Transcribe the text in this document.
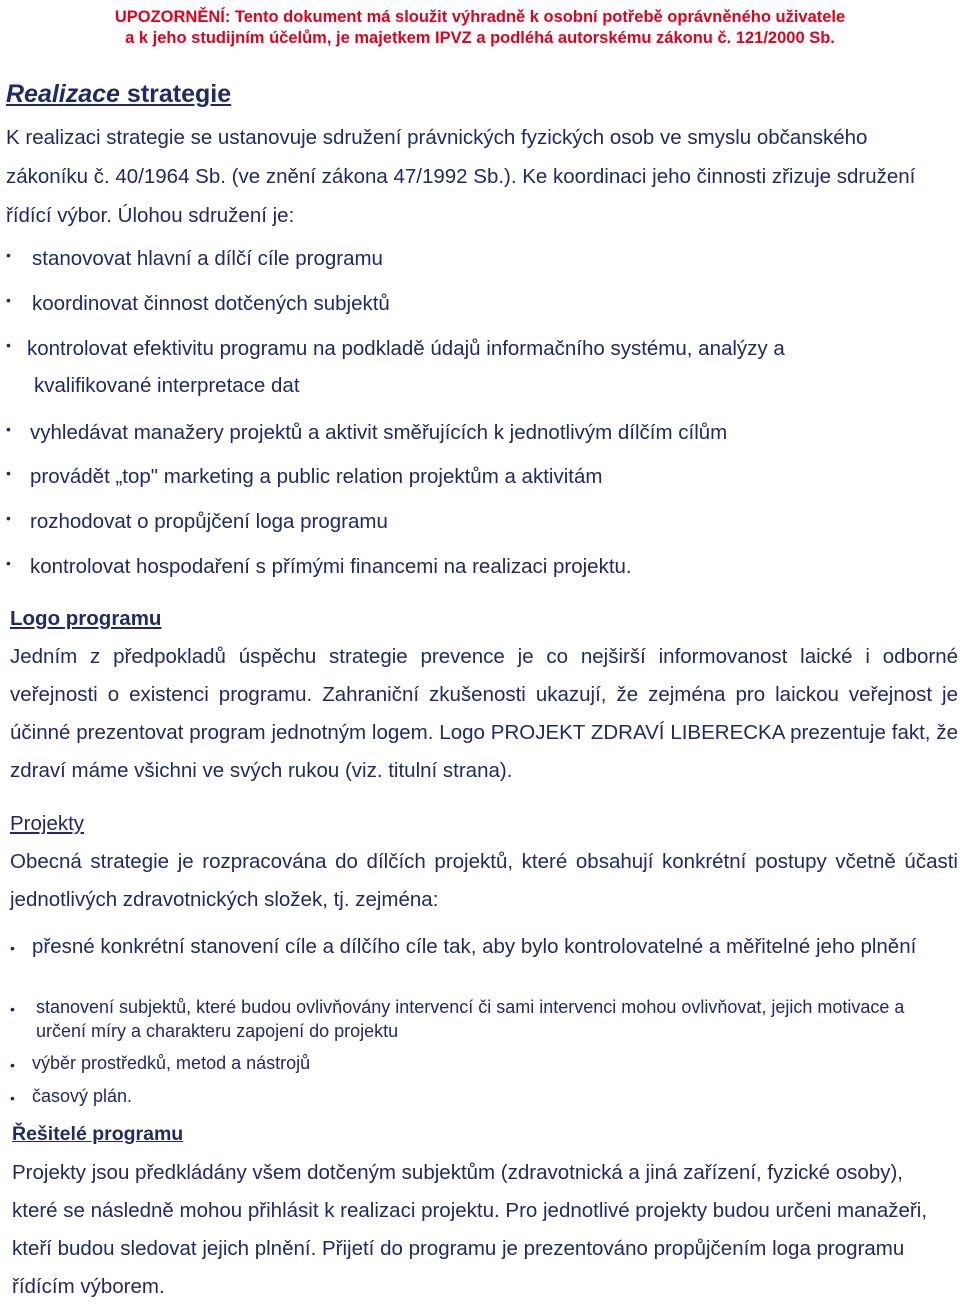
UPOZORNĚNÍ: Tento dokument má sloužit výhradně k osobní potřebě oprávněného uživatele
a k jeho studijním účelům, je majetkem IPVZ a podléhá autorskému zákonu č. 121/2000 Sb.
Realizace strategie
K realizaci strategie se ustanovuje sdružení právnických fyzických osob ve smyslu občanského zákoníku č. 40/1964 Sb. (ve znění zákona 47/1992 Sb.). Ke koordinaci jeho činnosti zřizuje sdružení řídící výbor. Úlohou sdružení je:
• stanovovat hlavní a dílčí cíle programu
• koordinovat činnost dotčených subjektů
• kontrolovat efektivitu programu na podkladě údajů informačního systému, analýzy a
kvalifikované interpretace dat
• vyhledávat manažery projektů a aktivit směřujících k jednotlivým dílčím cílům
• provádět „top" marketing a public relation projektům a aktivitám
• rozhodovat o propůjčení loga programu
• kontrolovat hospodaření s přímými financemi na realizaci projektu.
Logo programu
Jedním z předpokladů úspěchu strategie prevence je co nejširší informovanost laické i odborné veřejnosti o existenci programu. Zahraniční zkušenosti ukazují, že zejména pro laickou veřejnost je účinné prezentovat program jednotným logem. Logo PROJEKT ZDRAVÍ LIBERECKA prezentuje fakt, že zdraví máme všichni ve svých rukou (viz. titulní strana).
Projekty
Obecná strategie je rozpracována do dílčích projektů, které obsahují konkrétní postupy včetně účasti jednotlivých zdravotnických složek, tj. zejména:
• přesné konkrétní stanovení cíle a dílčího cíle tak, aby bylo kontrolovatelné a měřitelné jeho plnění
• stanovení subjektů, které budou ovlivňovány intervencí či sami intervenci mohou ovlivňovat, jejich motivace a určení míry a charakteru zapojení do projektu
• výběr prostředků, metod a nástrojů
• časový plán.
Řešitelé programu
Projekty jsou předkládány všem dotčeným subjektům (zdravotnická a jiná zařízení, fyzické osoby), které se následně mohou přihlásit k realizaci projektu. Pro jednotlivé projekty budou určeni manažeři, kteří budou sledovat jejich plnění. Přijetí do programu je prezentováno propůjčením loga programu řídícím výborem.
